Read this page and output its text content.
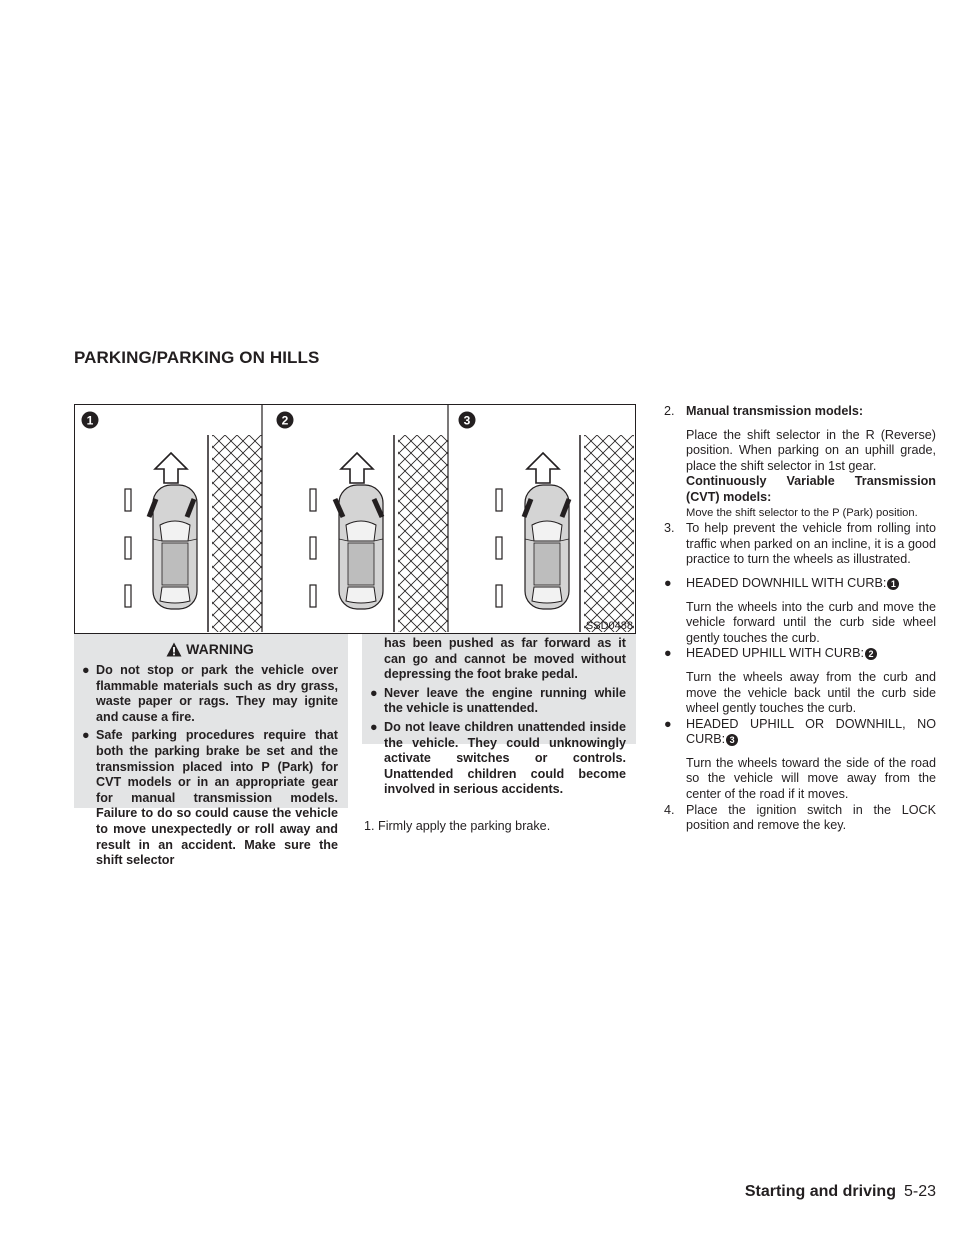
PARKING/PARKING ON HILLS
1	2	3
SSD0488
WARNING
● Do not stop or park the vehicle over flammable materials such as dry grass, waste paper or rags. They may ignite and cause a fire.
● Safe parking procedures require that both the parking brake be set and the transmission placed into P (Park) for CVT models or in an appropriate gear for manual transmission models. Failure to do so could cause the vehicle to move unexpectedly or roll away and result in an accident. Make sure the shift selector
has been pushed as far forward as it can go and cannot be moved without depressing the foot brake pedal.
● Never leave the engine running while the vehicle is unattended.
● Do not leave children unattended inside the vehicle. They could unknowingly activate switches or controls. Unattended children could become involved in serious accidents.
1. Firmly apply the parking brake.
2. Manual transmission models:

Place the shift selector in the R (Reverse) position. When parking on an uphill grade, place the shift selector in 1st gear.

Continuously Variable Transmission (CVT) models:

Move the shift selector to the P (Park) position.

3. To help prevent the vehicle from rolling into traffic when parked on an incline, it is a good practice to turn the wheels as illustrated.
● HEADED DOWNHILL WITH CURB: 1

Turn the wheels into the curb and move the vehicle forward until the curb side wheel gently touches the curb.

● HEADED UPHILL WITH CURB: 2

Turn the wheels away from the curb and move the vehicle back until the curb side wheel gently touches the curb.

● HEADED UPHILL OR DOWNHILL, NO CURB: 3

Turn the wheels toward the side of the road so the vehicle will move away from the center of the road if it moves.

4. Place the ignition switch in the LOCK position and remove the key.
Starting and driving 5-23
